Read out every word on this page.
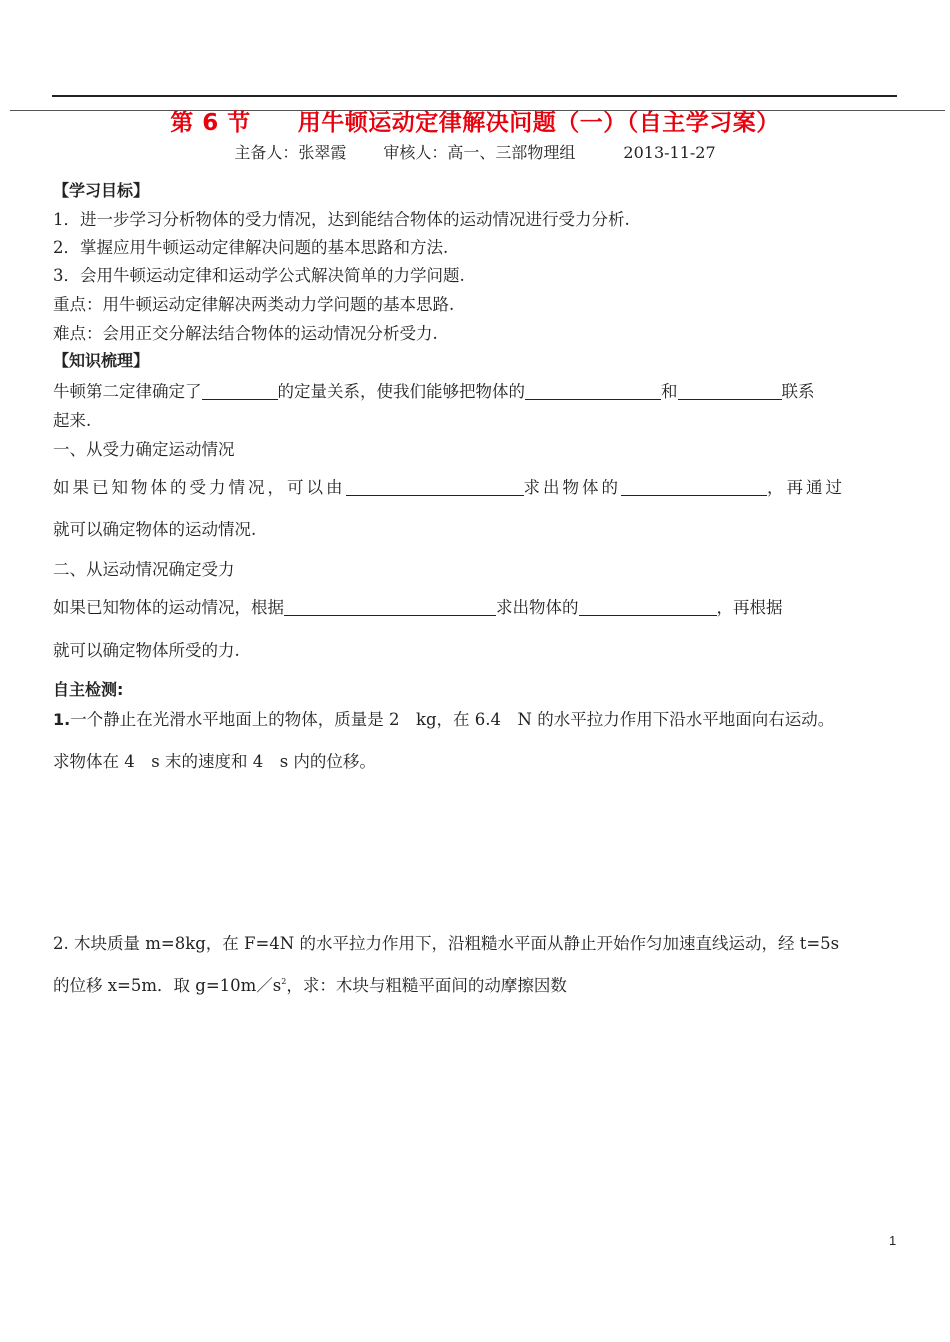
第 6 节　　用牛顿运动定律解决问题（一）（自主学习案）
主备人：张翠霞　　 审核人：高一、三部物理组　　　2013-11-27
【学习目标】
1．进一步学习分析物体的受力情况，达到能结合物体的运动情况进行受力分析.
2．掌握应用牛顿运动定律解决问题的基本思路和方法.
3．会用牛顿运动定律和运动学公式解决简单的力学问题.
重点：用牛顿运动定律解决两类动力学问题的基本思路.
难点：会用正交分解法结合物体的运动情况分析受力.
【知识梳理】
牛顿第二定律确定了	的定量关系，使我们能够把物体的	和	联系
起来.
一、从受力确定运动情况
如果已知物体的受力情况，可以由	求出物体的	，再通过
就可以确定物体的运动情况.
二、从运动情况确定受力
如果已知物体的运动情况，根据	求出物体的	，再根据
就可以确定物体所受的力.
自主检测:
1.一个静止在光滑水平地面上的物体，质量是 2　kg，在 6.4　N 的水平拉力作用下沿水平地面向右运动。
求物体在 4　s 末的速度和 4　s 内的位移。
2. 木块质量 m=8kg，在 F=4N 的水平拉力作用下，沿粗糙水平面从静止开始作匀加速直线运动，经 t=5s
的位移 x=5m．取 $g=10m/s^2$，求：木块与粗糙平面间的动摩擦因数
1
